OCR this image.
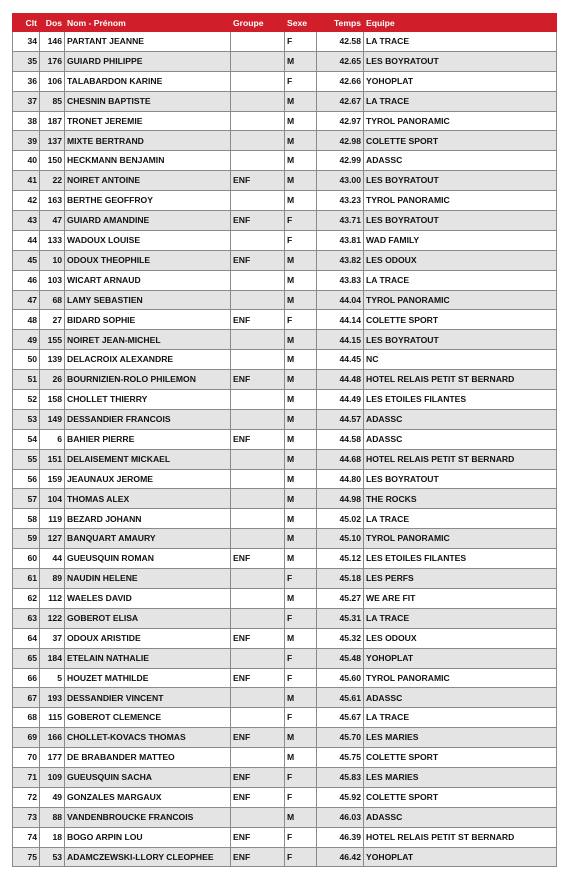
Clt	Dos	Nom - Prénom	Groupe	Sexe	Temps	Equipe
34	146	PARTANT JEANNE		F	42.58	LA TRACE
35	176	GUIARD PHILIPPE		M	42.65	LES BOYRATOUT
36	106	TALABARDON KARINE		F	42.66	YOHOPLAT
37	85	CHESNIN BAPTISTE		M	42.67	LA TRACE
38	187	TRONET JEREMIE		M	42.97	TYROL PANORAMIC
39	137	MIXTE BERTRAND		M	42.98	COLETTE SPORT
40	150	HECKMANN BENJAMIN		M	42.99	ADASSC
41	22	NOIRET ANTOINE	ENF	M	43.00	LES BOYRATOUT
42	163	BERTHE GEOFFROY		M	43.23	TYROL PANORAMIC
43	47	GUIARD AMANDINE	ENF	F	43.71	LES BOYRATOUT
44	133	WADOUX LOUISE		F	43.81	WAD FAMILY
45	10	ODOUX THEOPHILE	ENF	M	43.82	LES ODOUX
46	103	WICART ARNAUD		M	43.83	LA TRACE
47	68	LAMY SEBASTIEN		M	44.04	TYROL PANORAMIC
48	27	BIDARD SOPHIE	ENF	F	44.14	COLETTE SPORT
49	155	NOIRET JEAN-MICHEL		M	44.15	LES BOYRATOUT
50	139	DELACROIX ALEXANDRE		M	44.45	NC
51	26	BOURNIZIEN-ROLO PHILEMON	ENF	M	44.48	HOTEL RELAIS PETIT ST BERNARD
52	158	CHOLLET THIERRY		M	44.49	LES ETOILES FILANTES
53	149	DESSANDIER FRANCOIS		M	44.57	ADASSC
54	6	BAHIER PIERRE	ENF	M	44.58	ADASSC
55	151	DELAISEMENT MICKAEL		M	44.68	HOTEL RELAIS PETIT ST BERNARD
56	159	JEAUNAUX JEROME		M	44.80	LES BOYRATOUT
57	104	THOMAS ALEX		M	44.98	THE ROCKS
58	119	BEZARD JOHANN		M	45.02	LA TRACE
59	127	BANQUART AMAURY		M	45.10	TYROL PANORAMIC
60	44	GUEUSQUIN ROMAN	ENF	M	45.12	LES ETOILES FILANTES
61	89	NAUDIN HELENE		F	45.18	LES PERFS
62	112	WAELES DAVID		M	45.27	WE ARE FIT
63	122	GOBEROT ELISA		F	45.31	LA TRACE
64	37	ODOUX ARISTIDE	ENF	M	45.32	LES ODOUX
65	184	ETELAIN NATHALIE		F	45.48	YOHOPLAT
66	5	HOUZET MATHILDE	ENF	F	45.60	TYROL PANORAMIC
67	193	DESSANDIER VINCENT		M	45.61	ADASSC
68	115	GOBEROT CLEMENCE		F	45.67	LA TRACE
69	166	CHOLLET-KOVACS THOMAS	ENF	M	45.70	LES MARIES
70	177	DE BRABANDER MATTEO		M	45.75	COLETTE SPORT
71	109	GUEUSQUIN SACHA	ENF	F	45.83	LES MARIES
72	49	GONZALES MARGAUX	ENF	F	45.92	COLETTE SPORT
73	88	VANDENBROUCKE FRANCOIS		M	46.03	ADASSC
74	18	BOGO ARPIN LOU	ENF	F	46.39	HOTEL RELAIS PETIT ST BERNARD
75	53	ADAMCZEWSKI-LLORY CLEOPHEE	ENF	F	46.42	YOHOPLAT
